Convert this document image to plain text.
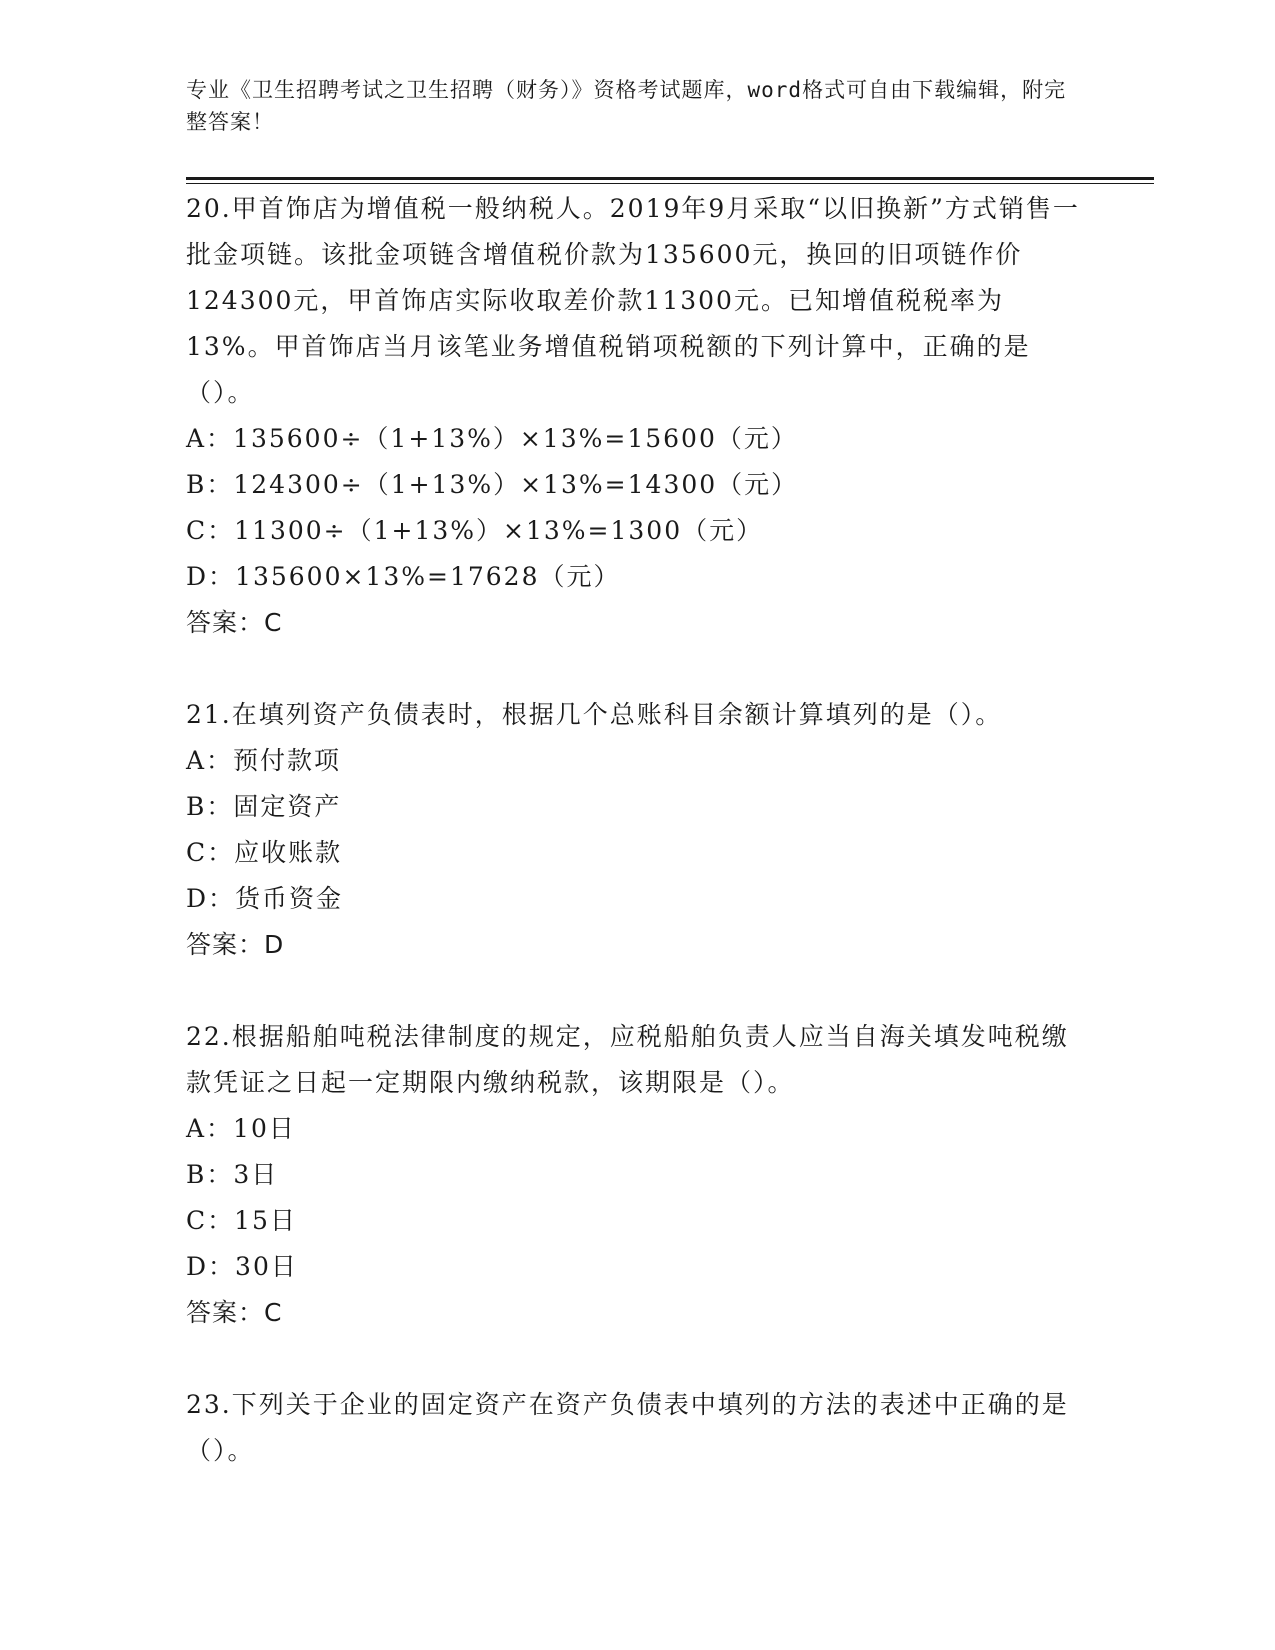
专业《卫生招聘考试之卫生招聘（财务）》资格考试题库，word格式可自由下载编辑，附完整答案！
20.甲首饰店为增值税一般纳税人。2019年9月采取“以旧换新”方式销售一批金项链。该批金项链含增值税价款为135600元，换回的旧项链作价124300元，甲首饰店实际收取差价款11300元。已知增值税税率为13%。甲首饰店当月该笔业务增值税销项税额的下列计算中，正确的是（）。
A：135600÷（1+13%）×13%=15600（元）
B：124300÷（1+13%）×13%=14300（元）
C：11300÷（1+13%）×13%=1300（元）
D：135600×13%=17628（元）
答案：C
21.在填列资产负债表时，根据几个总账科目余额计算填列的是（）。
A：预付款项
B：固定资产
C：应收账款
D：货币资金
答案：D
22.根据船舶吨税法律制度的规定，应税船舶负责人应当自海关填发吨税缴款凭证之日起一定期限内缴纳税款，该期限是（）。
A：10日
B：3日
C：15日
D：30日
答案：C
23.下列关于企业的固定资产在资产负债表中填列的方法的表述中正确的是（）。
